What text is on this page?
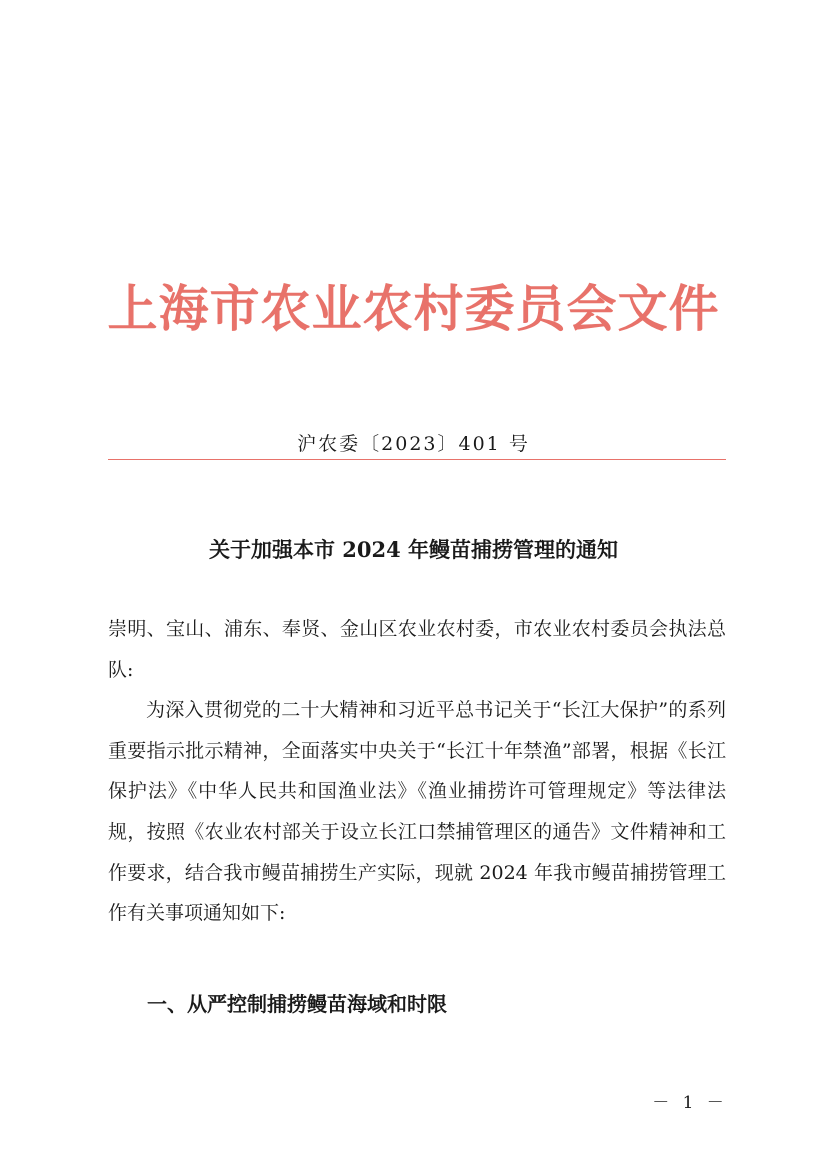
上海市农业农村委员会文件
沪农委〔2023〕401 号
关于加强本市 2024 年鳗苗捕捞管理的通知

崇明、宝山、浦东、奉贤、金山区农业农村委，市农业农村委员会执法总队:

为深入贯彻党的二十大精神和习近平总书记关于“长江大保护”的系列重要指示批示精神，全面落实中央关于“长江十年禁渔”部署，根据《长江保护法》《中华人民共和国渔业法》《渔业捕捞许可管理规定》等法律法规，按照《农业农村部关于设立长江口禁捕管理区的通告》文件精神和工作要求，结合我市鳗苗捕捞生产实际，现就 2024 年我市鳗苗捕捞管理工作有关事项通知如下:

一、从严控制捕捞鳗苗海域和时限
－ 1 －
